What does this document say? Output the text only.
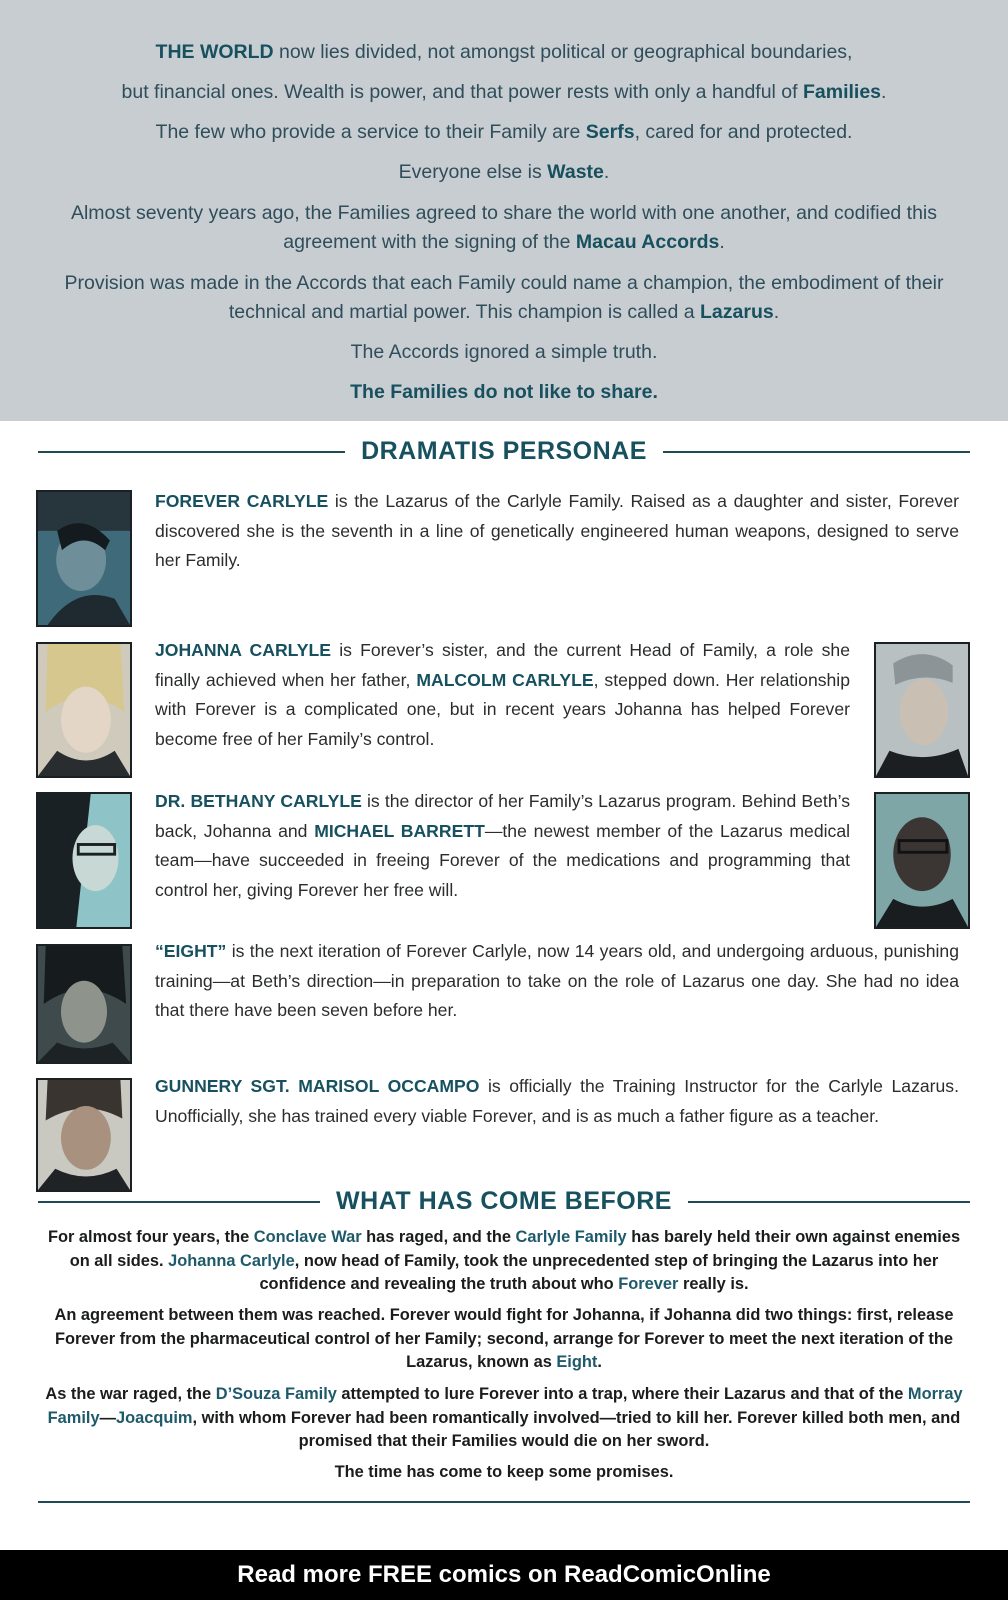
THE WORLD now lies divided, not amongst political or geographical boundaries,

but financial ones. Wealth is power, and that power rests with only a handful of Families.

The few who provide a service to their Family are Serfs, cared for and protected.

Everyone else is Waste.

Almost seventy years ago, the Families agreed to share the world with one another, and codified this agreement with the signing of the Macau Accords.

Provision was made in the Accords that each Family could name a champion, the embodiment of their technical and martial power. This champion is called a Lazarus.

The Accords ignored a simple truth.

The Families do not like to share.

DRAMATIS PERSONAE
FOREVER CARLYLE is the Lazarus of the Carlyle Family. Raised as a daughter and sister, Forever discovered she is the seventh in a line of genetically engineered human weapons, designed to serve her Family.
JOHANNA CARLYLE is Forever’s sister, and the current Head of Family, a role she finally achieved when her father, MALCOLM CARLYLE, stepped down. Her relationship with Forever is a complicated one, but in recent years Johanna has helped Forever become free of her Family’s control.
DR. BETHANY CARLYLE is the director of her Family’s Lazarus program. Behind Beth’s back, Johanna and MICHAEL BARRETT—the newest member of the Lazarus medical team—have succeeded in freeing Forever of the medications and programming that control her, giving Forever her free will.
“EIGHT” is the next iteration of Forever Carlyle, now 14 years old, and undergoing arduous, punishing training—at Beth’s direction—in preparation to take on the role of Lazarus one day. She had no idea that there have been seven before her.
GUNNERY SGT. MARISOL OCCAMPO is officially the Training Instructor for the Carlyle Lazarus. Unofficially, she has trained every viable Forever, and is as much a father figure as a teacher.
WHAT HAS COME BEFORE

For almost four years, the Conclave War has raged, and the Carlyle Family has barely held their own against enemies on all sides. Johanna Carlyle, now head of Family, took the unprecedented step of bringing the Lazarus into her confidence and revealing the truth about who Forever really is.

An agreement between them was reached. Forever would fight for Johanna, if Johanna did two things: first, release Forever from the pharmaceutical control of her Family; second, arrange for Forever to meet the next iteration of the Lazarus, known as Eight.

As the war raged, the D’Souza Family attempted to lure Forever into a trap, where their Lazarus and that of the Morray Family—Joacquim, with whom Forever had been romantically involved—tried to kill her. Forever killed both men, and promised that their Families would die on her sword.

The time has come to keep some promises.

Read more FREE comics on ReadComicOnline
